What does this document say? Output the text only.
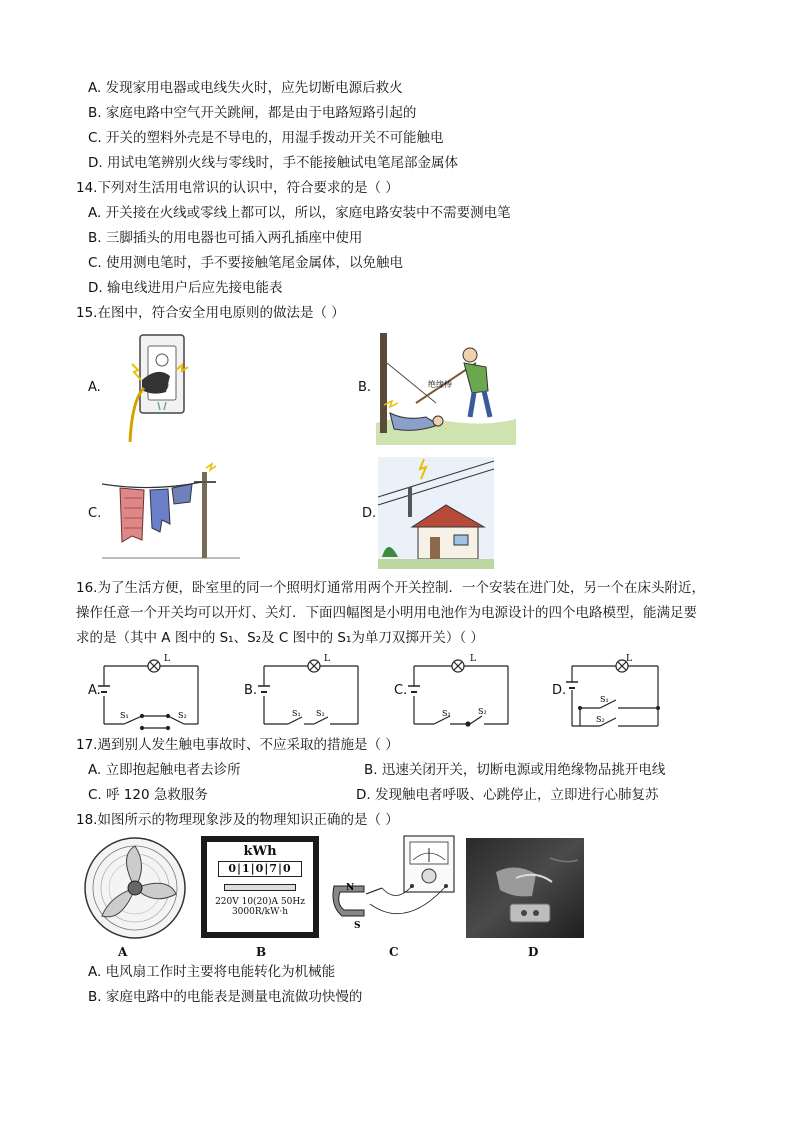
A. 发现家用电器或电线失火时，应先切断电源后救火
B. 家庭电路中空气开关跳闸，都是由于电路短路引起的
C. 开关的塑料外壳是不导电的，用湿手拨动开关不可能触电
D. 用试电笔辨别火线与零线时，手不能接触试电笔尾部金属体
14.下列对生活用电常识的认识中，符合要求的是（ ）
A. 开关接在火线或零线上都可以，所以，家庭电路安装中不需要测电笔
B. 三脚插头的用电器也可插入两孔插座中使用
C. 使用测电笔时，手不要接触笔尾金属体，以免触电
D. 输电线进用户后应先接电能表
15.在图中，符合安全用电原则的做法是（ ）
A.	B.	绝缘棒
C.	D.
16.为了生活方便，卧室里的同一个照明灯通常用两个开关控制．一个安装在进门处，另一个在床头附近，
操作任意一个开关均可以开灯、关灯．下面四幅图是小明用电池作为电源设计的四个电路模型，能满足要
求的是（其中 A 图中的 S₁、S₂及 C 图中的 S₁为单刀双掷开关）（ ）
A.
L
S₁	S₂
B.
L
S₁ S₂
C.
L
S₁	S₂
D.
L
S₁
S₂
17.遇到别人发生触电事故时、不应采取的措施是（ ）
A. 立即抱起触电者去诊所	B. 迅速关闭开关，切断电源或用绝缘物品挑开电线
C. 呼 120 急救服务	D. 发现触电者呼吸、心跳停止，立即进行心肺复苏
18.如图所示的物理现象涉及的物理知识正确的是（ ）
A
kWh
0|1|0|7|0
220V 10(20)A 50Hz
3000R/kW·h
B
N
S
C	D
A. 电风扇工作时主要将电能转化为机械能
B. 家庭电路中的电能表是测量电流做功快慢的
